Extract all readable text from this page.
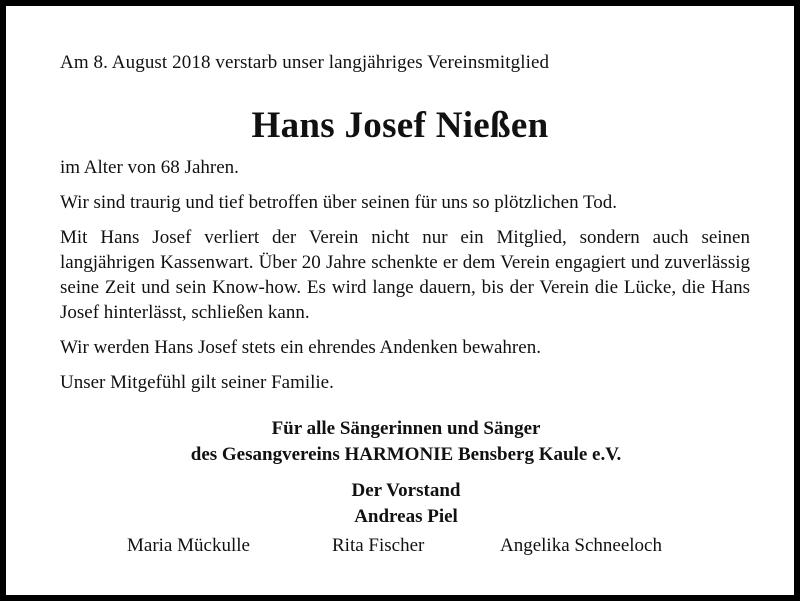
Am 8. August 2018 verstarb unser langjähriges Vereinsmitglied
Hans Josef Nießen

im Alter von 68 Jahren.

Wir sind traurig und tief betroffen über seinen für uns so plötzlichen Tod.

Mit Hans Josef verliert der Verein nicht nur ein Mitglied, sondern auch seinen langjährigen Kassenwart. Über 20 Jahre schenkte er dem Verein engagiert und zuverlässig seine Zeit und sein Know-how. Es wird lange dauern, bis der Verein die Lücke, die Hans Josef hinterlässt, schließen kann.

Wir werden Hans Josef stets ein ehrendes Andenken bewahren.

Unser Mitgefühl gilt seiner Familie.

Für alle Sängerinnen und Sänger
des Gesangvereins HARMONIE Bensberg Kaule e.V.
Der Vorstand
Andreas Piel
Maria Mückulle	Rita Fischer	Angelika Schneeloch
